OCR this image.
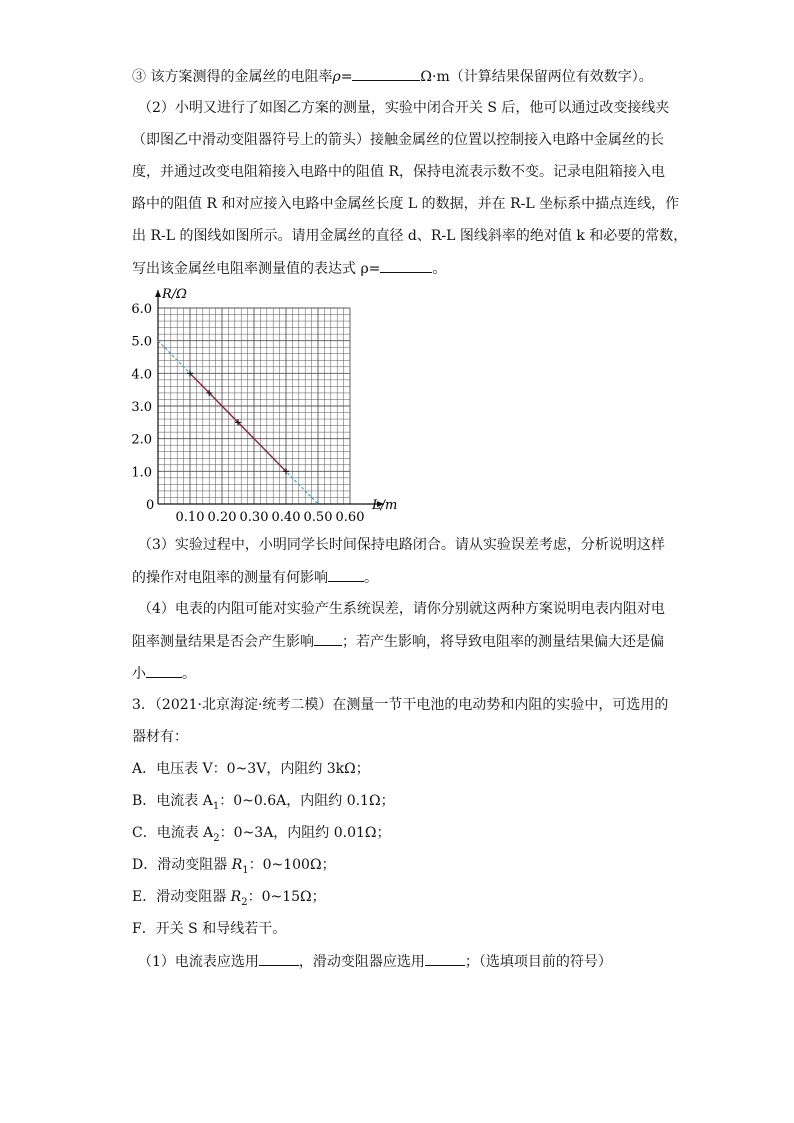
③ 该方案测得的金属丝的电阻率ρ=	Ω·m（计算结果保留两位有效数字）。
（2）小明又进行了如图乙方案的测量，实验中闭合开关 S 后，他可以通过改变接线夹
（即图乙中滑动变阻器符号上的箭头）接触金属丝的位置以控制接入电路中金属丝的长
度，并通过改变电阻箱接入电路中的阻值 R，保持电流表示数不变。记录电阻箱接入电
路中的阻值 R 和对应接入电路中金属丝长度 L 的数据，并在 R-L 坐标系中描点连线，作
出 R-L 的图线如图所示。请用金属丝的直径 d、R-L 图线斜率的绝对值 k 和必要的常数，
写出该金属丝电阻率测量值的表达式 ρ=	。
R/Ω
L/m
0
1.0
2.0
3.0
4.0
5.0
6.0
0.10 0.20 0.30 0.40 0.50 0.60
（3）实验过程中，小明同学长时间保持电路闭合。请从实验误差考虑，分析说明这样
的操作对电阻率的测量有何影响	。
（4）电表的内阻可能对实验产生系统误差，请你分别就这两种方案说明电表内阻对电
阻率测量结果是否会产生影响 ；若产生影响，将导致电阻率的测量结果偏大还是偏
小	。
3．（2021·北京海淀·统考二模）在测量一节干电池的电动势和内阻的实验中，可选用的
器材有：
A．电压表 V：0~3V，内阻约 3kΩ；
B．电流表 $A_1$：0~0.6A，内阻约 0.1Ω；
C．电流表 $A_2$：0~3A，内阻约 0.01Ω；
D．滑动变阻器 $R_1$：0~100Ω；
E．滑动变阻器 $R_2$：0~15Ω；
F．开关 S 和导线若干。
（1）电流表应选用	，滑动变阻器应选用	；（选填项目前的符号）
